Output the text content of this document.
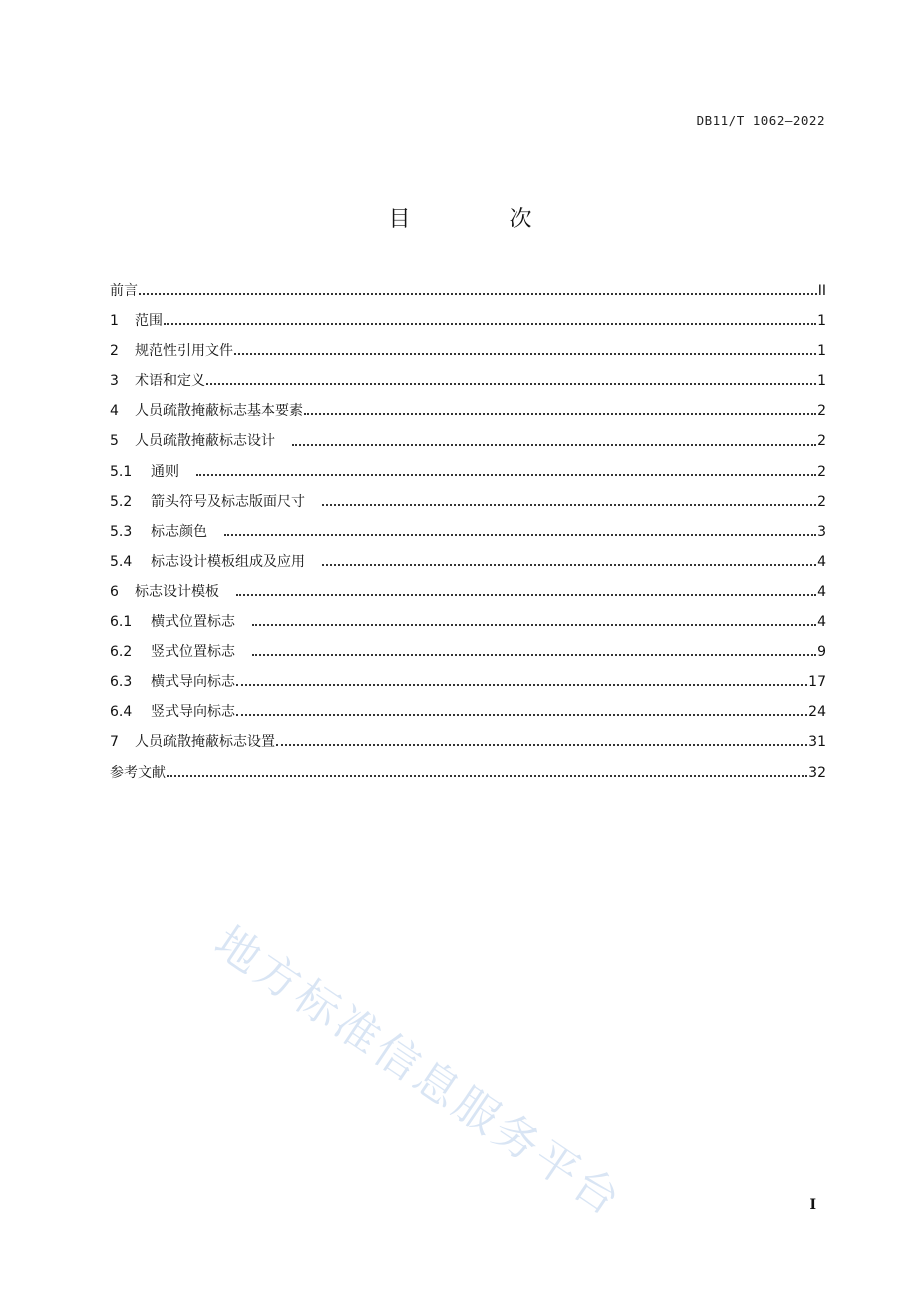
DB11/T 1062—2022
目 次
前言	II
1	范围	1
2	规范性引用文件	1
3	术语和定义	1
4	人员疏散掩蔽标志基本要素	2
5	人员疏散掩蔽标志设计	2
5.1	通则	2
5.2	箭头符号及标志版面尺寸	2
5.3	标志颜色	3
5.4	标志设计模板组成及应用	4
6	标志设计模板	4
6.1	横式位置标志	4
6.2	竖式位置标志	9
6.3	横式导向标志	17
6.4	竖式导向标志	24
7	人员疏散掩蔽标志设置	31
参考文献	32
I
地方标准信息服务平台
